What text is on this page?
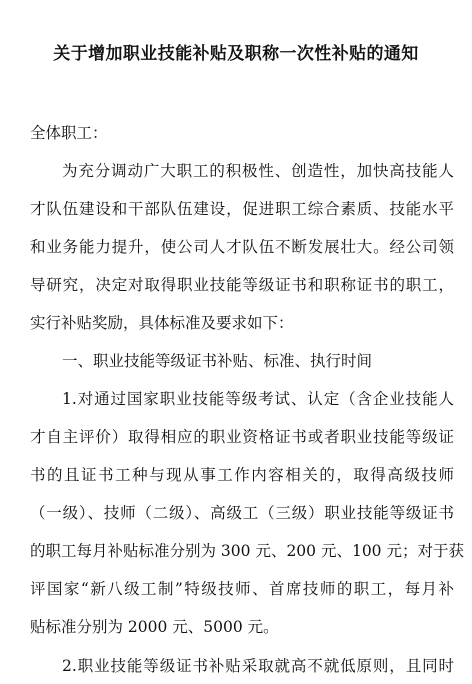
关于增加职业技能补贴及职称一次性补贴的通知
全体职工：
为充分调动广大职工的积极性、创造性，加快高技能人
才队伍建设和干部队伍建设，促进职工综合素质、技能水平
和业务能力提升，使公司人才队伍不断发展壮大。经公司领
导研究，决定对取得职业技能等级证书和职称证书的职工，
实行补贴奖励，具体标准及要求如下：
一、职业技能等级证书补贴、标准、执行时间
1.对通过国家职业技能等级考试、认定（含企业技能人
才自主评价）取得相应的职业资格证书或者职业技能等级证
书的且证书工种与现从事工作内容相关的，取得高级技师
（一级）、技师（二级）、高级工（三级）职业技能等级证书
的职工每月补贴标准分别为 300 元、200 元、100 元；对于获
评国家“新八级工制”特级技师、首席技师的职工，每月补
贴标准分别为 2000 元、5000 元。
2.职业技能等级证书补贴采取就高不就低原则，且同时
